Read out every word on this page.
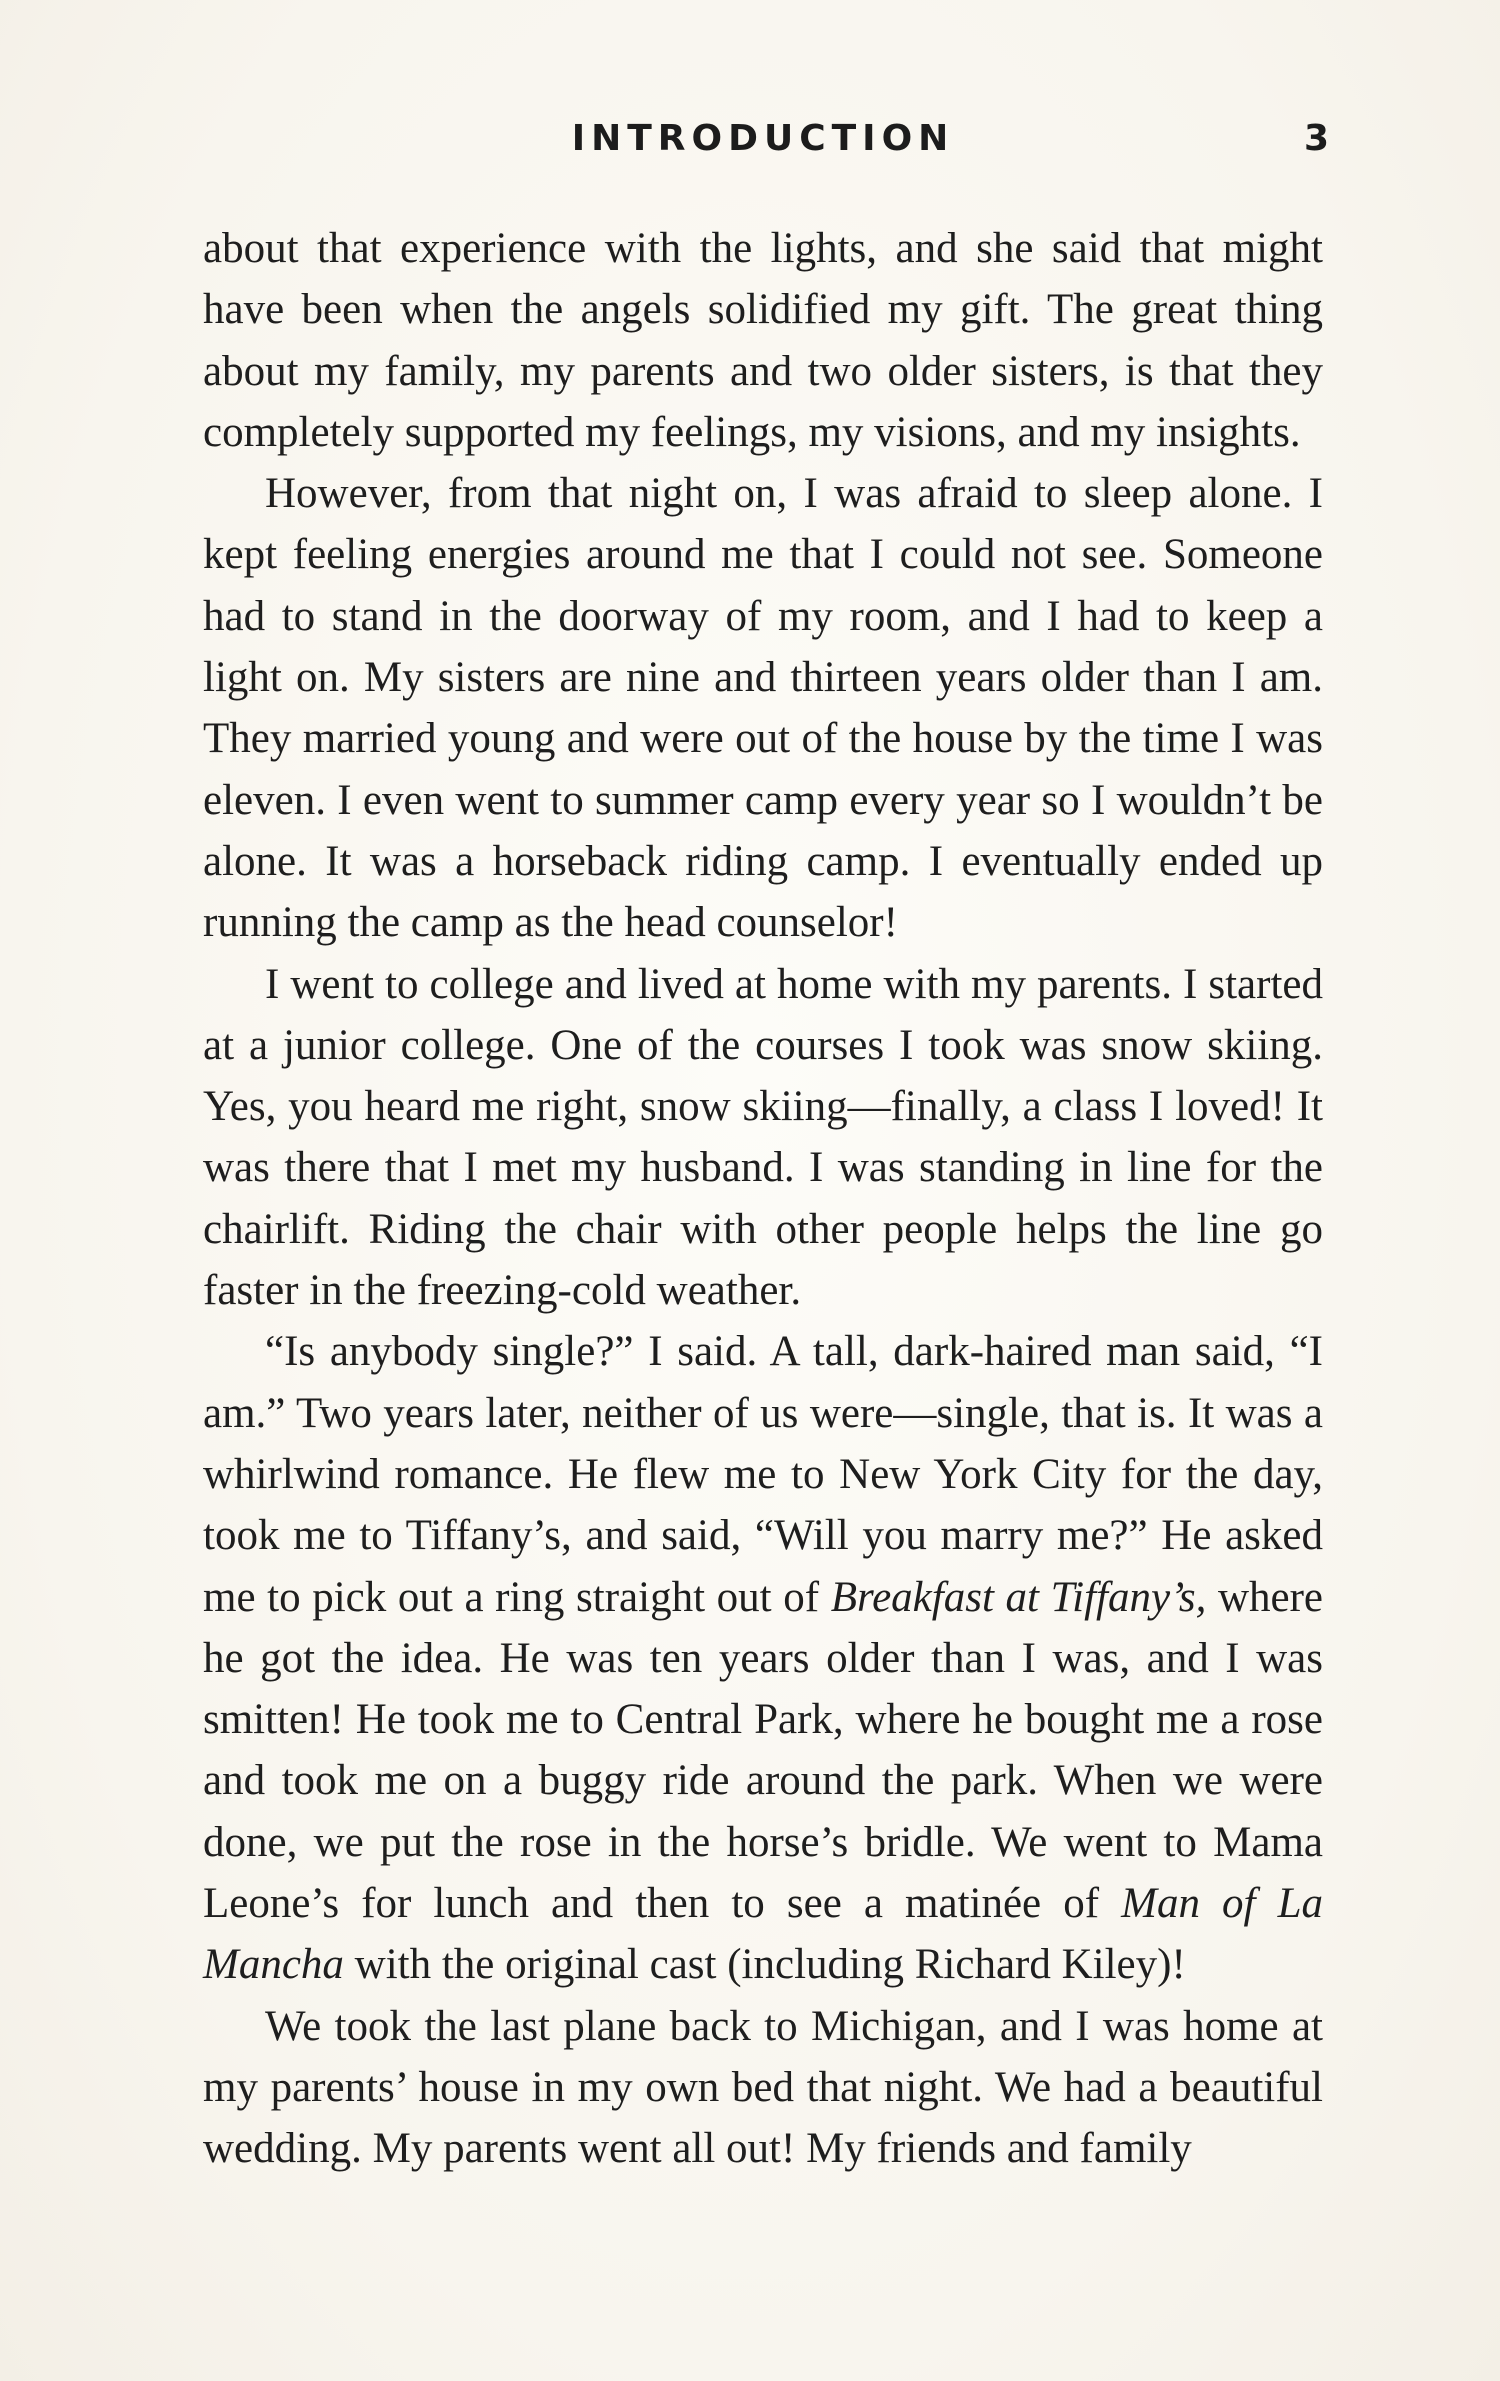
INTRODUCTION	3

about that experience with the lights, and she said that might have been when the angels solidified my gift. The great thing about my family, my parents and two older sisters, is that they completely supported my feelings, my visions, and my insights.

However, from that night on, I was afraid to sleep alone. I kept feeling energies around me that I could not see. Someone had to stand in the doorway of my room, and I had to keep a light on. My sisters are nine and thirteen years older than I am. They married young and were out of the house by the time I was eleven. I even went to summer camp every year so I wouldn’t be alone. It was a horseback riding camp. I eventually ended up running the camp as the head counselor!

I went to college and lived at home with my parents. I started at a junior college. One of the courses I took was snow skiing. Yes, you heard me right, snow skiing—finally, a class I loved! It was there that I met my husband. I was standing in line for the chairlift. Riding the chair with other people helps the line go faster in the freezing-cold weather.

“Is anybody single?” I said. A tall, dark-haired man said, “I am.” Two years later, neither of us were—single, that is. It was a whirlwind romance. He flew me to New York City for the day, took me to Tiffany’s, and said, “Will you marry me?” He asked me to pick out a ring straight out of Breakfast at Tiffany’s, where he got the idea. He was ten years older than I was, and I was smitten! He took me to Central Park, where he bought me a rose and took me on a buggy ride around the park. When we were done, we put the rose in the horse’s bridle. We went to Mama Leone’s for lunch and then to see a matinée of Man of La Mancha with the original cast (including Richard Kiley)!

We took the last plane back to Michigan, and I was home at my parents’ house in my own bed that night. We had a beautiful wedding. My parents went all out! My friends and family
